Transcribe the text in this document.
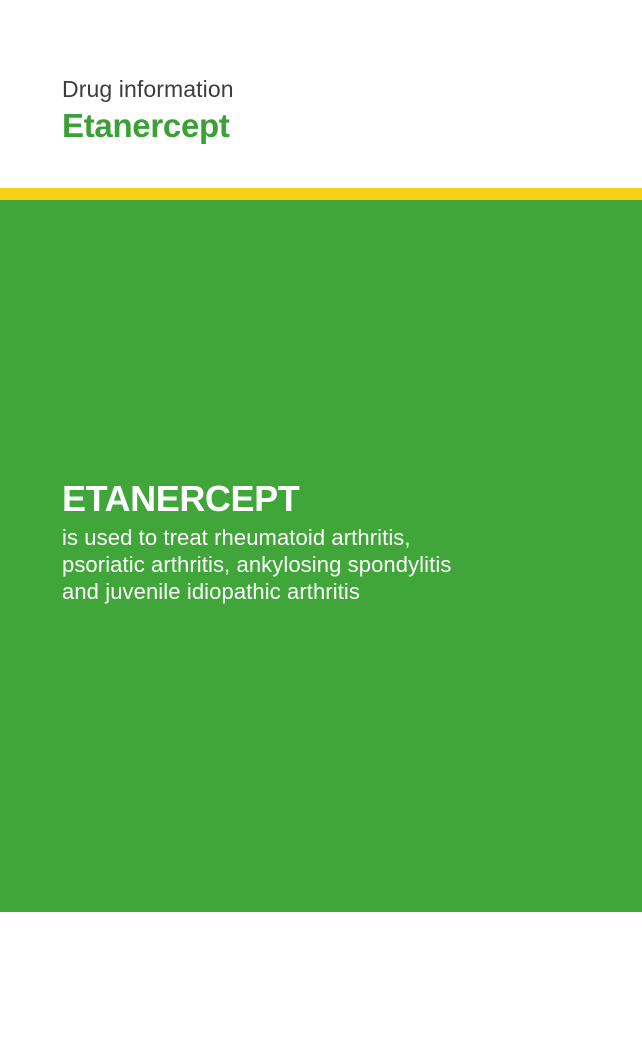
Drug information
Etanercept
ETANERCEPT
is used to treat rheumatoid arthritis, psoriatic arthritis, ankylosing spondylitis and juvenile idiopathic arthritis
VERSUS
ARTHRITIS
